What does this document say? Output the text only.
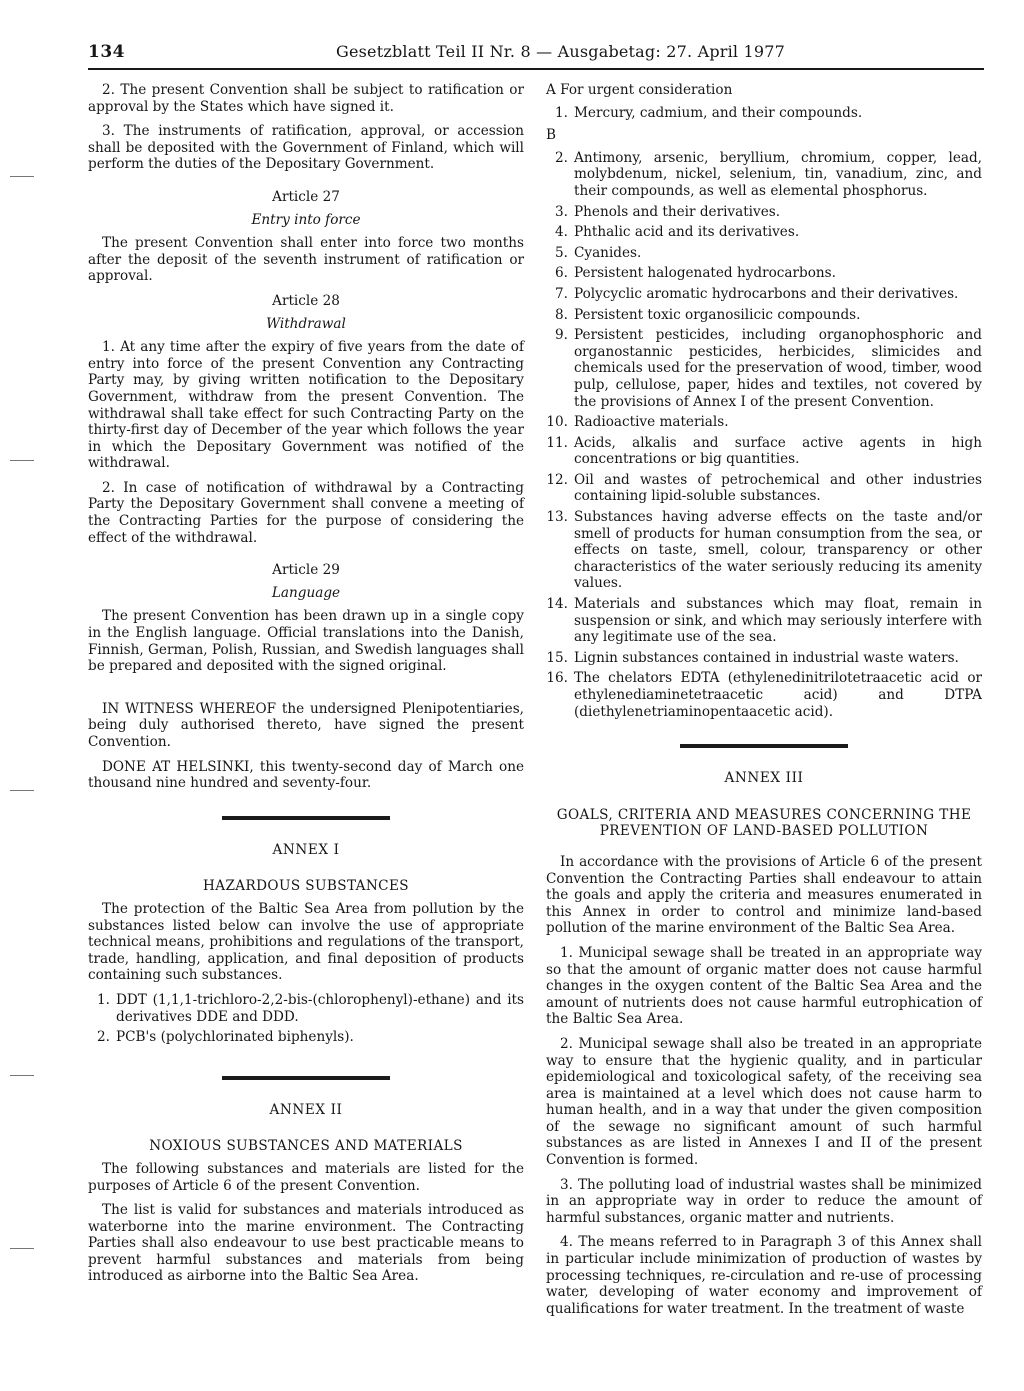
134	Gesetzblatt Teil II Nr. 8 — Ausgabetag: 27. April 1977

2. The present Convention shall be subject to ratification or approval by the States which have signed it.

3. The instruments of ratification, approval, or accession shall be deposited with the Government of Finland, which will perform the duties of the Depositary Government.

Article 27
Entry into force

The present Convention shall enter into force two months after the deposit of the seventh instrument of ratification or approval.

Article 28
Withdrawal

1. At any time after the expiry of five years from the date of entry into force of the present Convention any Contracting Party may, by giving written notification to the Depositary Government, withdraw from the present Convention. The withdrawal shall take effect for such Contracting Party on the thirty-first day of December of the year which follows the year in which the Depositary Government was notified of the withdrawal.

2. In case of notification of withdrawal by a Contracting Party the Depositary Government shall convene a meeting of the Contracting Parties for the purpose of considering the effect of the withdrawal.

Article 29
Language

The present Convention has been drawn up in a single copy in the English language. Official translations into the Danish, Finnish, German, Polish, Russian, and Swedish languages shall be prepared and deposited with the signed original.

IN WITNESS WHEREOF the undersigned Plenipotentiaries, being duly authorised thereto, have signed the present Convention.

DONE AT HELSINKI, this twenty-second day of March one thousand nine hundred and seventy-four.

ANNEX I
HAZARDOUS SUBSTANCES

The protection of the Baltic Sea Area from pollution by the substances listed below can involve the use of appropriate technical means, prohibitions and regulations of the transport, trade, handling, application, and final deposition of products containing such substances.

1. DDT (1,1,1-trichloro-2,2-bis-(chlorophenyl)-ethane) and its derivatives DDE and DDD.
2. PCB's (polychlorinated biphenyls).
ANNEX II
NOXIOUS SUBSTANCES AND MATERIALS

The following substances and materials are listed for the purposes of Article 6 of the present Convention.

The list is valid for substances and materials introduced as waterborne into the marine environment. The Contracting Parties shall also endeavour to use best practicable means to prevent harmful substances and materials from being introduced as airborne into the Baltic Sea Area.

A For urgent consideration
1. Mercury, cadmium, and their compounds.
B
2. Antimony, arsenic, beryllium, chromium, copper, lead, molybdenum, nickel, selenium, tin, vanadium, zinc, and their compounds, as well as elemental phosphorus.
3. Phenols and their derivatives.
4. Phthalic acid and its derivatives.
5. Cyanides.
6. Persistent halogenated hydrocarbons.
7. Polycyclic aromatic hydrocarbons and their derivatives.
8. Persistent toxic organosilicic compounds.
9. Persistent pesticides, including organophosphoric and organostannic pesticides, herbicides, slimicides and chemicals used for the preservation of wood, timber, wood pulp, cellulose, paper, hides and textiles, not covered by the provisions of Annex I of the present Convention.
10. Radioactive materials.
11. Acids, alkalis and surface active agents in high concentrations or big quantities.
12. Oil and wastes of petrochemical and other industries containing lipid-soluble substances.
13. Substances having adverse effects on the taste and/or smell of products for human consumption from the sea, or effects on taste, smell, colour, transparency or other characteristics of the water seriously reducing its amenity values.
14. Materials and substances which may float, remain in suspension or sink, and which may seriously interfere with any legitimate use of the sea.
15. Lignin substances contained in industrial waste waters.
16. The chelators EDTA (ethylenedinitrilotetraacetic acid or ethylenediaminetetraacetic acid) and DTPA (diethylenetriaminopentaacetic acid).
ANNEX III
GOALS, CRITERIA AND MEASURES CONCERNING THE PREVENTION OF LAND-BASED POLLUTION

In accordance with the provisions of Article 6 of the present Convention the Contracting Parties shall endeavour to attain the goals and apply the criteria and measures enumerated in this Annex in order to control and minimize land-based pollution of the marine environment of the Baltic Sea Area.

1. Municipal sewage shall be treated in an appropriate way so that the amount of organic matter does not cause harmful changes in the oxygen content of the Baltic Sea Area and the amount of nutrients does not cause harmful eutrophication of the Baltic Sea Area.

2. Municipal sewage shall also be treated in an appropriate way to ensure that the hygienic quality, and in particular epidemiological and toxicological safety, of the receiving sea area is maintained at a level which does not cause harm to human health, and in a way that under the given composition of the sewage no significant amount of such harmful substances as are listed in Annexes I and II of the present Convention is formed.

3. The polluting load of industrial wastes shall be minimized in an appropriate way in order to reduce the amount of harmful substances, organic matter and nutrients.

4. The means referred to in Paragraph 3 of this Annex shall in particular include minimization of production of wastes by processing techniques, re-circulation and re-use of processing water, developing of water economy and improvement of qualifications for water treatment. In the treatment of waste
